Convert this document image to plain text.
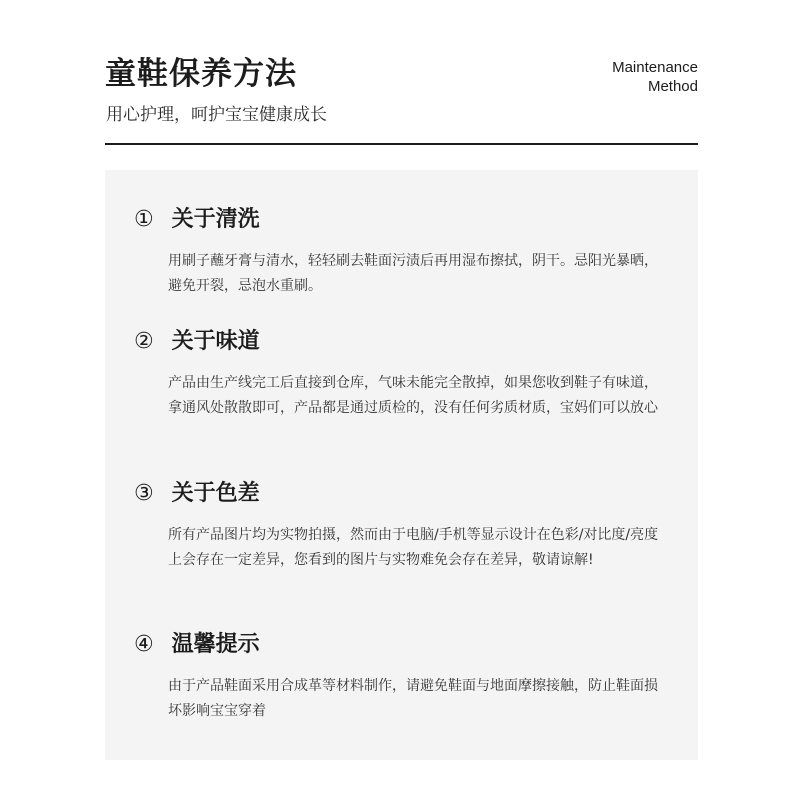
童鞋保养方法
用心护理，呵护宝宝健康成长
Maintenance
Method
① 关于清洗
用刷子蘸牙膏与清水，轻轻刷去鞋面污渍后再用湿布擦拭，阴干。忌阳光暴晒，避免开裂，忌泡水重刷。
② 关于味道
产品由生产线完工后直接到仓库，气味未能完全散掉，如果您收到鞋子有味道，拿通风处散散即可，产品都是通过质检的，没有任何劣质材质，宝妈们可以放心
③ 关于色差
所有产品图片均为实物拍摄，然而由于电脑/手机等显示设计在色彩/对比度/亮度上会存在一定差异，您看到的图片与实物难免会存在差异，敬请谅解!
④ 温馨提示
由于产品鞋面采用合成革等材料制作，请避免鞋面与地面摩擦接触，防止鞋面损坏影响宝宝穿着
